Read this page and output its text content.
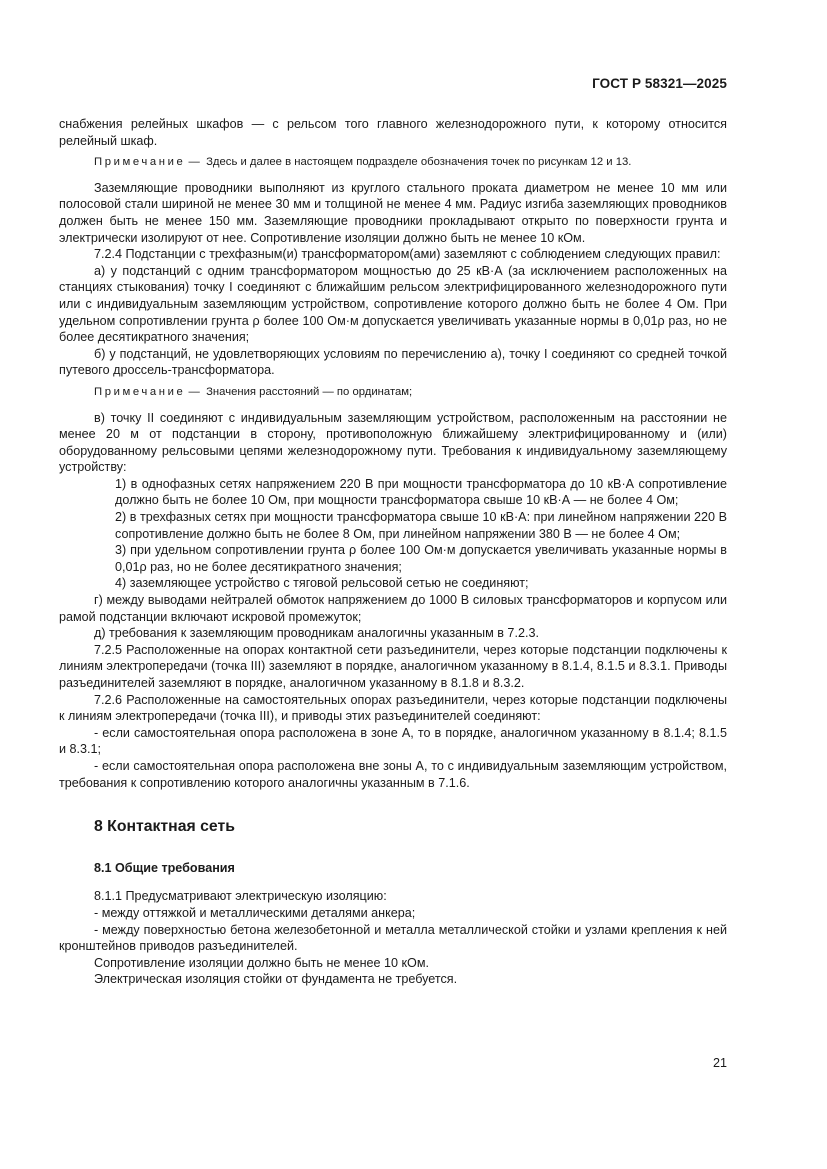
ГОСТ Р 58321—2025

снабжения релейных шкафов — с рельсом того главного железнодорожного пути, к которому относится релейный шкаф.

Примечание — Здесь и далее в настоящем подразделе обозначения точек по рисункам 12 и 13.

Заземляющие проводники выполняют из круглого стального проката диаметром не менее 10 мм или полосовой стали шириной не менее 30 мм и толщиной не менее 4 мм. Радиус изгиба заземляющих проводников должен быть не менее 150 мм. Заземляющие проводники прокладывают открыто по поверхности грунта и электрически изолируют от нее. Сопротивление изоляции должно быть не менее 10 кОм.

7.2.4 Подстанции с трехфазным(и) трансформатором(ами) заземляют с соблюдением следующих правил:

а) у подстанций с одним трансформатором мощностью до 25 кВ·А (за исключением расположенных на станциях стыкования) точку I соединяют с ближайшим рельсом электрифицированного железнодорожного пути или с индивидуальным заземляющим устройством, сопротивление которого должно быть не более 4 Ом. При удельном сопротивлении грунта ρ более 100 Ом·м допускается увеличивать указанные нормы в 0,01ρ раз, но не более десятикратного значения;

б) у подстанций, не удовлетворяющих условиям по перечислению а), точку I соединяют со средней точкой путевого дроссель-трансформатора.

Примечание — Значения расстояний — по ординатам;

в) точку II соединяют с индивидуальным заземляющим устройством, расположенным на расстоянии не менее 20 м от подстанции в сторону, противоположную ближайшему электрифицированному и (или) оборудованному рельсовыми цепями железнодорожному пути. Требования к индивидуальному заземляющему устройству:

1) в однофазных сетях напряжением 220 В при мощности трансформатора до 10 кВ·А сопротивление должно быть не более 10 Ом, при мощности трансформатора свыше 10 кВ·А — не более 4 Ом;

2) в трехфазных сетях при мощности трансформатора свыше 10 кВ·А: при линейном напряжении 220 В сопротивление должно быть не более 8 Ом, при линейном напряжении 380 В — не более 4 Ом;

3) при удельном сопротивлении грунта ρ более 100 Ом·м допускается увеличивать указанные нормы в 0,01ρ раз, но не более десятикратного значения;

4) заземляющее устройство с тяговой рельсовой сетью не соединяют;

г) между выводами нейтралей обмоток напряжением до 1000 В силовых трансформаторов и корпусом или рамой подстанции включают искровой промежуток;

д) требования к заземляющим проводникам аналогичны указанным в 7.2.3.

7.2.5 Расположенные на опорах контактной сети разъединители, через которые подстанции подключены к линиям электропередачи (точка III) заземляют в порядке, аналогичном указанному в 8.1.4, 8.1.5 и 8.3.1. Приводы разъединителей заземляют в порядке, аналогичном указанному в 8.1.8 и 8.3.2.

7.2.6 Расположенные на самостоятельных опорах разъединители, через которые подстанции подключены к линиям электропередачи (точка III), и приводы этих разъединителей соединяют:

- если самостоятельная опора расположена в зоне А, то в порядке, аналогичном указанному в 8.1.4; 8.1.5 и 8.3.1;

- если самостоятельная опора расположена вне зоны А, то с индивидуальным заземляющим устройством, требования к сопротивлению которого аналогичны указанным в 7.1.6.

8 Контактная сеть

8.1 Общие требования

8.1.1 Предусматривают электрическую изоляцию:

- между оттяжкой и металлическими деталями анкера;

- между поверхностью бетона железобетонной и металла металлической стойки и узлами крепления к ней кронштейнов приводов разъединителей.

Сопротивление изоляции должно быть не менее 10 кОм.

Электрическая изоляция стойки от фундамента не требуется.

21
